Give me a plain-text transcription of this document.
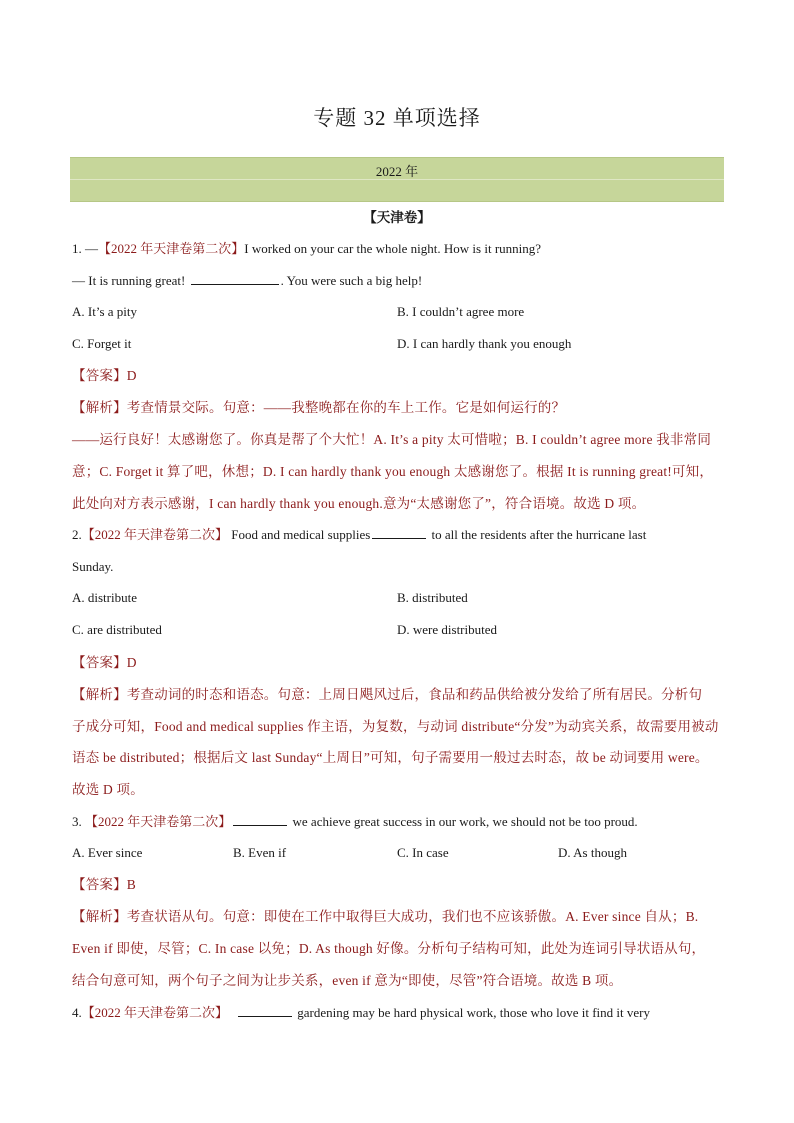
专题 32 单项选择
2022 年
【天津卷】
1. —【2022 年天津卷第二次】I worked on your car the whole night. How is it running?
— It is running great!	. You were such a big help!
A. It’s a pity	B. I couldn’t agree more
C. Forget it	D. I can hardly thank you enough
【答案】D
【解析】考查情景交际。句意：——我整晚都在你的车上工作。它是如何运行的？
——运行良好！太感谢您了。你真是帮了个大忙！A. It’s a pity 太可惜啦；B. I couldn’t agree more 我非常同
意；C. Forget it 算了吧，休想；D. I can hardly thank you enough 太感谢您了。根据 It is running great!可知，
此处向对方表示感谢，I can hardly thank you enough.意为“太感谢您了”，符合语境。故选 D 项。
2.【2022 年天津卷第二次】 Food and medical supplies	to all the residents after the hurricane last
Sunday.
A. distribute	B. distributed
C. are distributed	D. were distributed
【答案】D
【解析】考查动词的时态和语态。句意：上周日飓风过后，食品和药品供给被分发给了所有居民。分析句
子成分可知，Food and medical supplies 作主语，为复数，与动词 distribute“分发”为动宾关系，故需要用被动
语态 be distributed；根据后文 last Sunday“上周日”可知，句子需要用一般过去时态，故 be 动词要用 were。
故选 D 项。
3. 【2022 年天津卷第二次】	we achieve great success in our work, we should not be too proud.
A. Ever since	B. Even if	C. In case	D. As though
【答案】B
【解析】考查状语从句。句意：即使在工作中取得巨大成功，我们也不应该骄傲。A. Ever since 自从；B.
Even if 即使，尽管；C. In case 以免；D. As though 好像。分析句子结构可知，此处为连词引导状语从句，
结合句意可知，两个句子之间为让步关系，even if 意为“即使，尽管”符合语境。故选 B 项。
4.【2022 年天津卷第二次】	gardening may be hard physical work, those who love it find it very
